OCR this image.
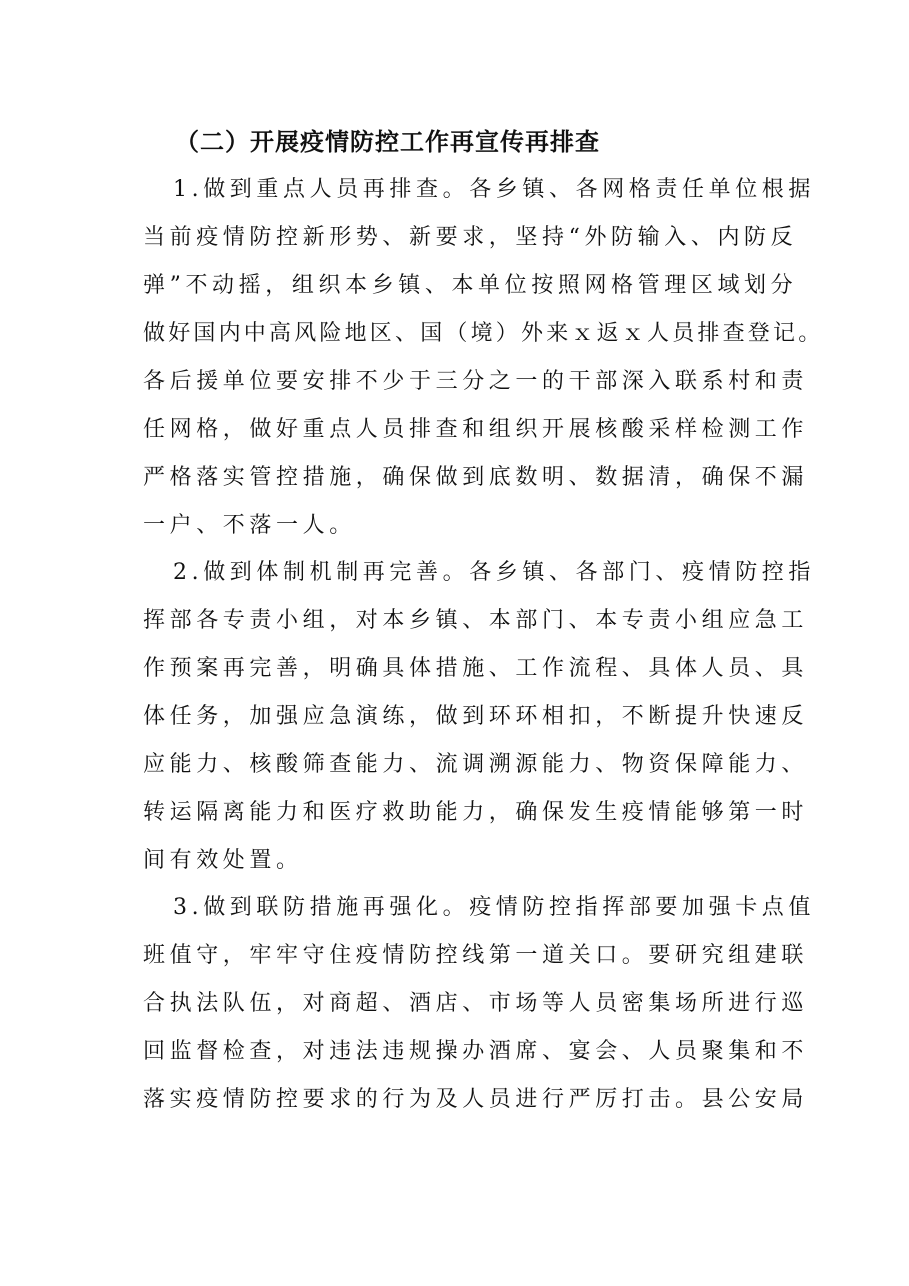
（二）开展疫情防控工作再宣传再排查
1.做到重点人员再排查。各乡镇、各网格责任单位根据
当前疫情防控新形势、新要求，坚持“外防输入、内防反
弹”不动摇，组织本乡镇、本单位按照网格管理区域划分
做好国内中高风险地区、国（境）外来ｘ返ｘ人员排查登记。
各后援单位要安排不少于三分之一的干部深入联系村和责
任网格，做好重点人员排查和组织开展核酸采样检测工作
严格落实管控措施，确保做到底数明、数据清，确保不漏
一户、不落一人。
2.做到体制机制再完善。各乡镇、各部门、疫情防控指
挥部各专责小组，对本乡镇、本部门、本专责小组应急工
作预案再完善，明确具体措施、工作流程、具体人员、具
体任务，加强应急演练，做到环环相扣，不断提升快速反
应能力、核酸筛查能力、流调溯源能力、物资保障能力、
转运隔离能力和医疗救助能力，确保发生疫情能够第一时
间有效处置。
3.做到联防措施再强化。疫情防控指挥部要加强卡点值
班值守，牢牢守住疫情防控线第一道关口。要研究组建联
合执法队伍，对商超、酒店、市场等人员密集场所进行巡
回监督检查，对违法违规操办酒席、宴会、人员聚集和不
落实疫情防控要求的行为及人员进行严厉打击。县公安局
